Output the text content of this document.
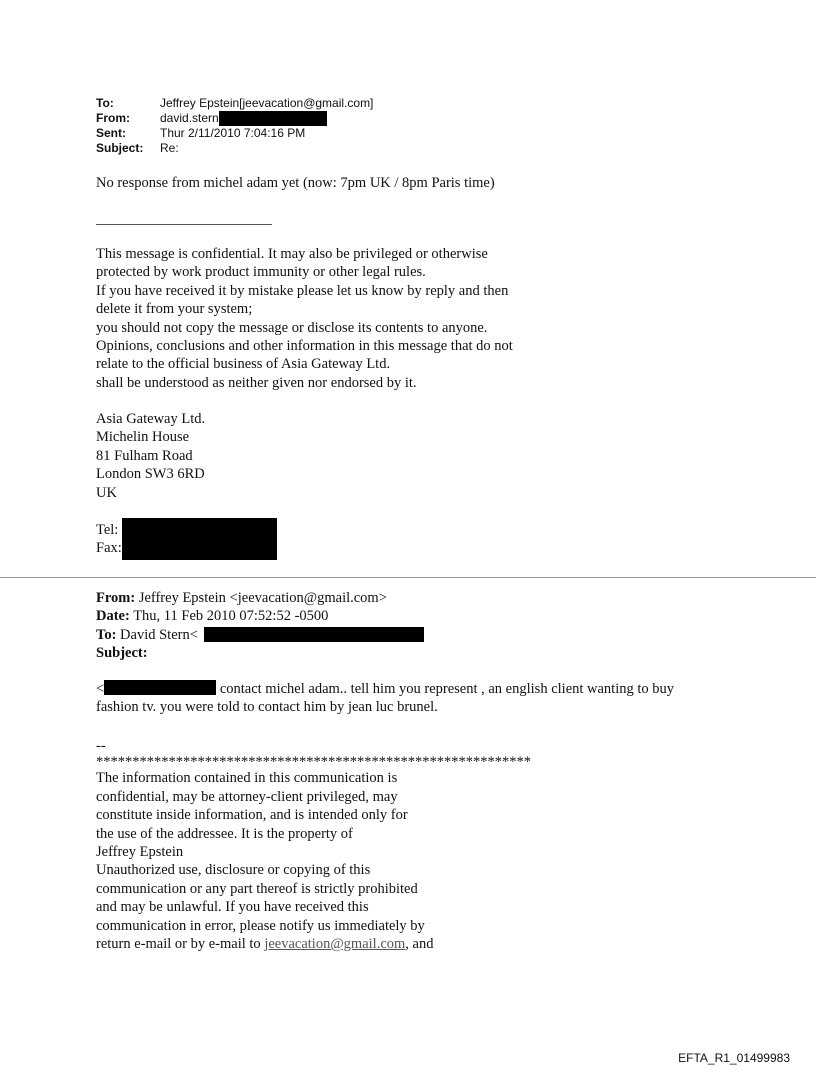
To:	Jeffrey Epstein[jeevacation@gmail.com]
From:	david.stern
Sent:	Thur 2/11/2010 7:04:16 PM
Subject:	Re:
No response from michel adam yet (now: 7pm UK / 8pm Paris time)
This message is confidential. It may also be privileged or otherwise
protected by work product immunity or other legal rules.
If you have received it by mistake please let us know by reply and then
delete it from your system;
you should not copy the message or disclose its contents to anyone.
Opinions, conclusions and other information in this message that do not
relate to the official business of Asia Gateway Ltd.
shall be understood as neither given nor endorsed by it.
Asia Gateway Ltd.
Michelin House
81 Fulham Road
London SW3 6RD
UK
Tel:
Fax:
From: Jeffrey Epstein <jeevacation@gmail.com>
Date: Thu, 11 Feb 2010 07:52:52 -0500
To: David Stern<
Subject:
<	contact michel adam.. tell him you represent , an english client wanting to buy
fashion tv. you were told to contact him by jean luc brunel.
--
************************************************************
The information contained in this communication is
confidential, may be attorney-client privileged, may
constitute inside information, and is intended only for
the use of the addressee. It is the property of
Jeffrey Epstein
Unauthorized use, disclosure or copying of this
communication or any part thereof is strictly prohibited
and may be unlawful. If you have received this
communication in error, please notify us immediately by
return e-mail or by e-mail to jeevacation@gmail.com, and
EFTA_R1_01499983
